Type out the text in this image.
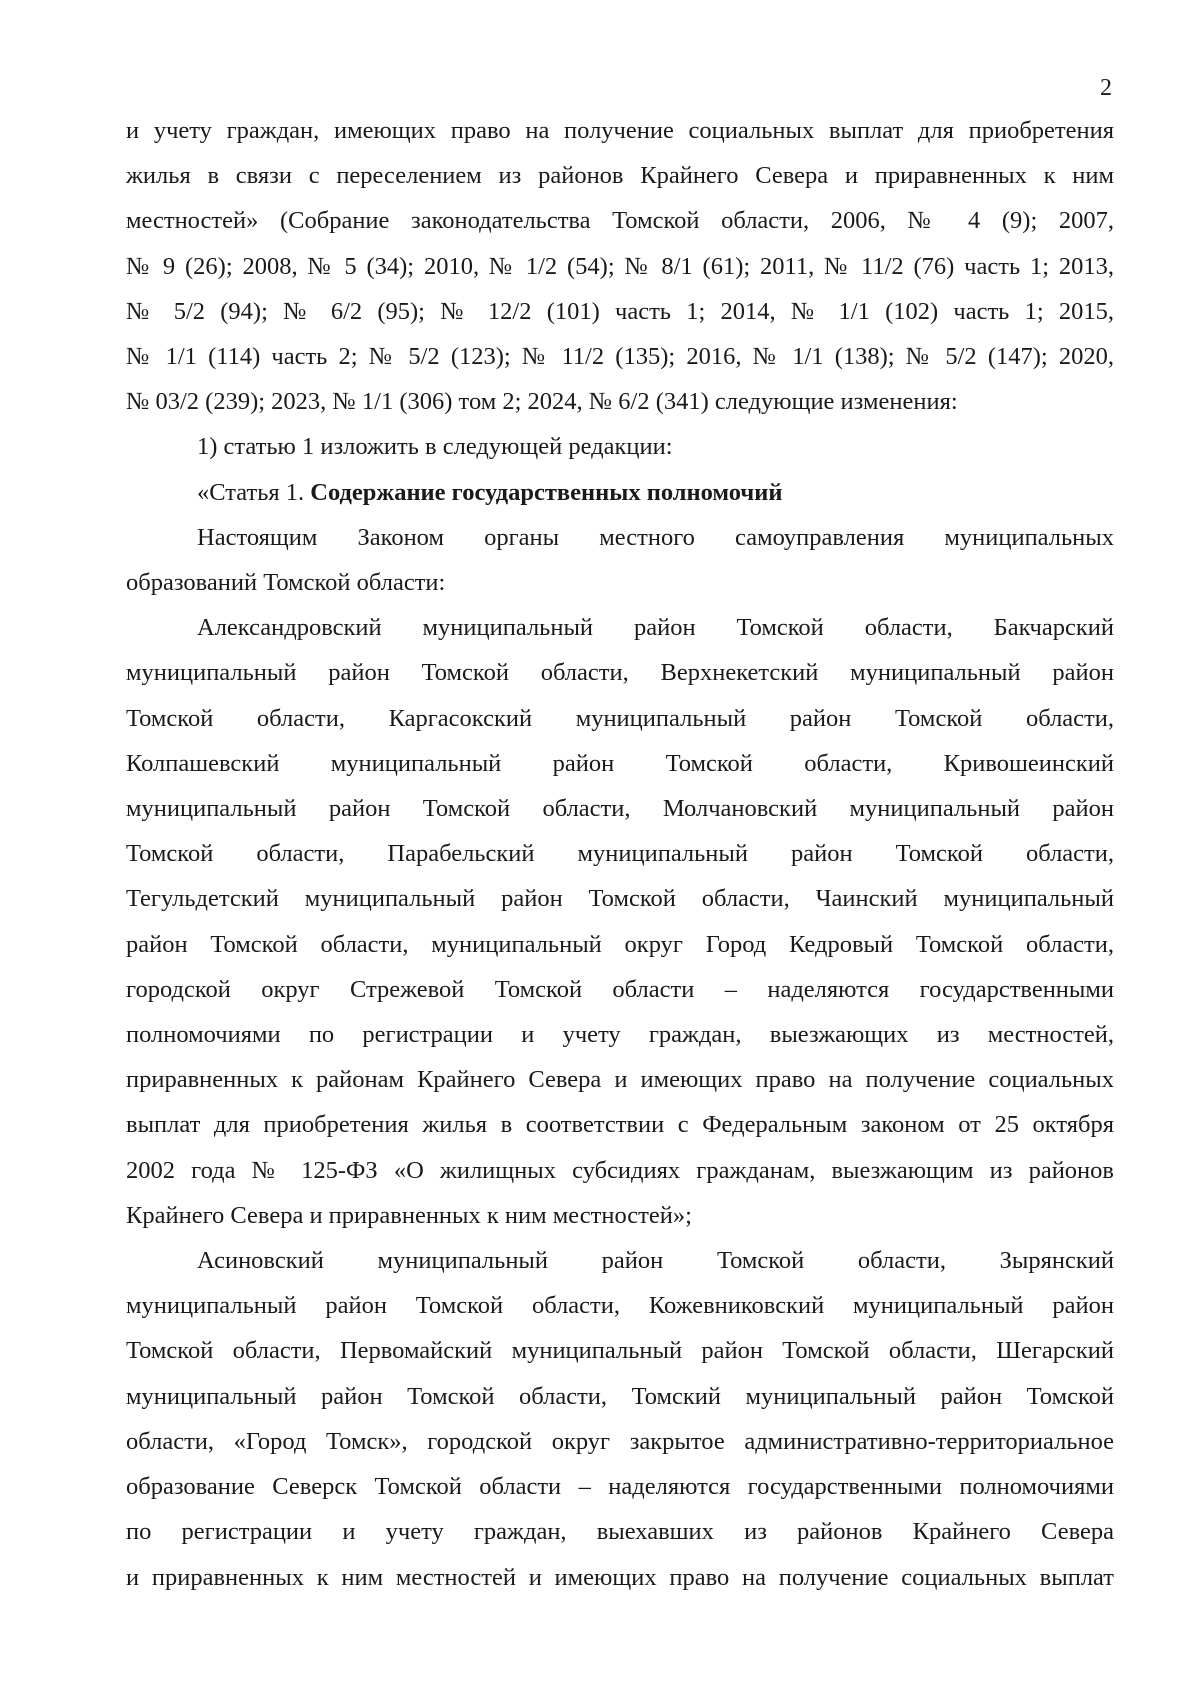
2

и учету граждан, имеющих право на получение социальных выплат для приобретения

жилья в связи с переселением из районов Крайнего Севера и приравненных к ним

местностей» (Собрание законодательства Томской области, 2006, № 4 (9); 2007,

№ 9 (26); 2008, № 5 (34); 2010, № 1/2 (54); № 8/1 (61); 2011, № 11/2 (76) часть 1; 2013,

№ 5/2 (94); № 6/2 (95); № 12/2 (101) часть 1; 2014, № 1/1 (102) часть 1; 2015,

№ 1/1 (114) часть 2; № 5/2 (123); № 11/2 (135); 2016, № 1/1 (138); № 5/2 (147); 2020,

№ 03/2 (239); 2023, № 1/1 (306) том 2; 2024, № 6/2 (341) следующие изменения:

1) статью 1 изложить в следующей редакции:

«Статья 1. Содержание государственных полномочий

Настоящим Законом органы местного самоуправления муниципальных

образований Томской области:

Александровский муниципальный район Томской области, Бакчарский

муниципальный район Томской области, Верхнекетский муниципальный район

Томской области, Каргасокский муниципальный район Томской области,

Колпашевский муниципальный район Томской области, Кривошеинский

муниципальный район Томской области, Молчановский муниципальный район

Томской области, Парабельский муниципальный район Томской области,

Тегульдетский муниципальный район Томской области, Чаинский муниципальный

район Томской области, муниципальный округ Город Кедровый Томской области,

городской округ Стрежевой Томской области – наделяются государственными

полномочиями по регистрации и учету граждан, выезжающих из местностей,

приравненных к районам Крайнего Севера и имеющих право на получение социальных

выплат для приобретения жилья в соответствии с Федеральным законом от 25 октября

2002 года № 125-ФЗ «О жилищных субсидиях гражданам, выезжающим из районов

Крайнего Севера и приравненных к ним местностей»;

Асиновский муниципальный район Томской области, Зырянский

муниципальный район Томской области, Кожевниковский муниципальный район

Томской области, Первомайский муниципальный район Томской области, Шегарский

муниципальный район Томской области, Томский муниципальный район Томской

области, «Город Томск», городской округ закрытое административно-территориальное

образование Северск Томской области – наделяются государственными полномочиями

по регистрации и учету граждан, выехавших из районов Крайнего Севера

и приравненных к ним местностей и имеющих право на получение социальных выплат
